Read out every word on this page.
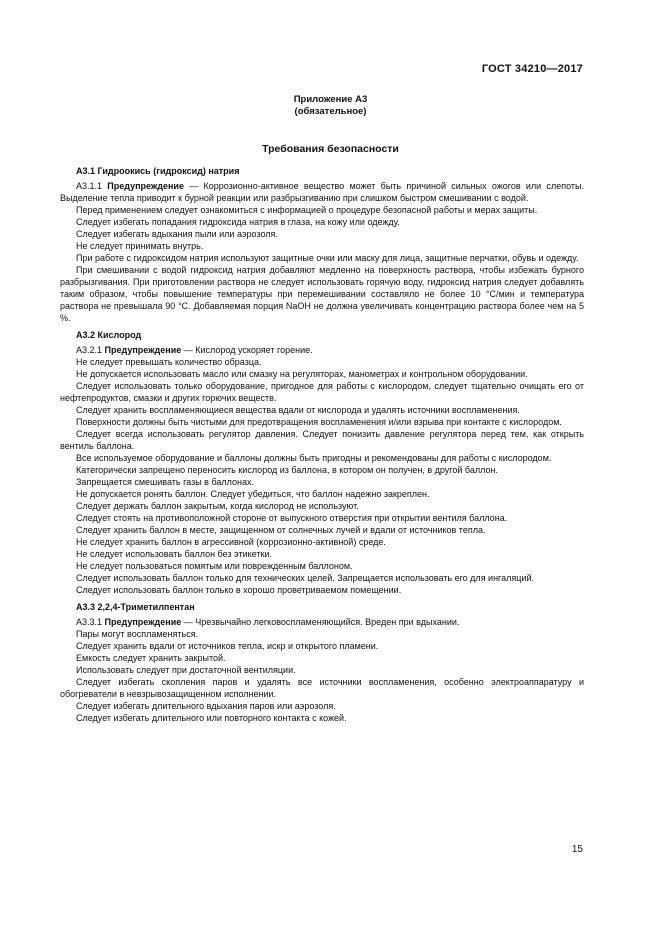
ГОСТ 34210—2017
Приложение А3
(обязательное)
Требования безопасности

А3.1 Гидроокись (гидроксид) натрия

А3.1.1 Предупреждение — Коррозионно-активное вещество может быть причиной сильных ожогов или слепоты. Выделение тепла приводит к бурной реакции или разбрызгиванию при слишком быстром смешивании с водой.

Перед применением следует ознакомиться с информацией о процедуре безопасной работы и мерах защиты.

Следует избегать попадания гидроксида натрия в глаза, на кожу или одежду.

Следует избегать вдыхания пыли или аэрозоля.

Не следует принимать внутрь.

При работе с гидроксидом натрия используют защитные очки или маску для лица, защитные перчатки, обувь и одежду.

При смешивании с водой гидроксид натрия добавляют медленно на поверхность раствора, чтобы избежать бурного разбрызгивания. При приготовлении раствора не следует использовать горячую воду, гидроксид натрия следует добавлять таким образом, чтобы повышение температуры при перемешивании составляло не более 10 °С/мин и температура раствора не превышала 90 °С. Добавляемая порция NaOH не должна увеличивать концентрацию раствора более чем на 5 %.

А3.2 Кислород

А3.2.1 Предупреждение — Кислород ускоряет горение.

Не следует превышать количество образца.

Не допускается использовать масло или смазку на регуляторах, манометрах и контрольном оборудовании.

Следует использовать только оборудование, пригодное для работы с кислородом, следует тщательно очищать его от нефтепродуктов, смазки и других горючих веществ.

Следует хранить воспламеняющиеся вещества вдали от кислорода и удалять источники воспламенения.

Поверхности должны быть чистыми для предотвращения воспламенения и/или взрыва при контакте с кислородом.

Следует всегда использовать регулятор давления. Следует понизить давление регулятора перед тем, как открыть вентиль баллона.

Все используемое оборудование и баллоны должны быть пригодны и рекомендованы для работы с кислородом.

Категорически запрещено переносить кислород из баллона, в котором он получен, в другой баллон.

Запрещается смешивать газы в баллонах.

Не допускается ронять баллон. Следует убедиться, что баллон надежно закреплен.

Следует держать баллон закрытым, когда кислород не используют.

Следует стоять на противоположной стороне от выпускного отверстия при открытии вентиля баллона.

Следует хранить баллон в месте, защищенном от солнечных лучей и вдали от источников тепла.

Не следует хранить баллон в агрессивной (коррозионно-активной) среде.

Не следует использовать баллон без этикетки.

Не следует пользоваться помятым или поврежденным баллоном.

Следует использовать баллон только для технических целей. Запрещается использовать его для ингаляций.

Следует использовать баллон только в хорошо проветриваемом помещении.

А3.3 2,2,4-Триметилпентан

А3.3.1 Предупреждение — Чрезвычайно легковоспламеняющийся. Вреден при вдыхании.

Пары могут воспламеняться.

Следует хранить вдали от источников тепла, искр и открытого пламени.

Емкость следует хранить закрытой.

Использовать следует при достаточной вентиляции.

Следует избегать скопления паров и удалять все источники воспламенения, особенно электроаппаратуру и обогреватели в невзрывозащищенном исполнении.

Следует избегать длительного вдыхания паров или аэрозоля.

Следует избегать длительного или повторного контакта с кожей.

15
